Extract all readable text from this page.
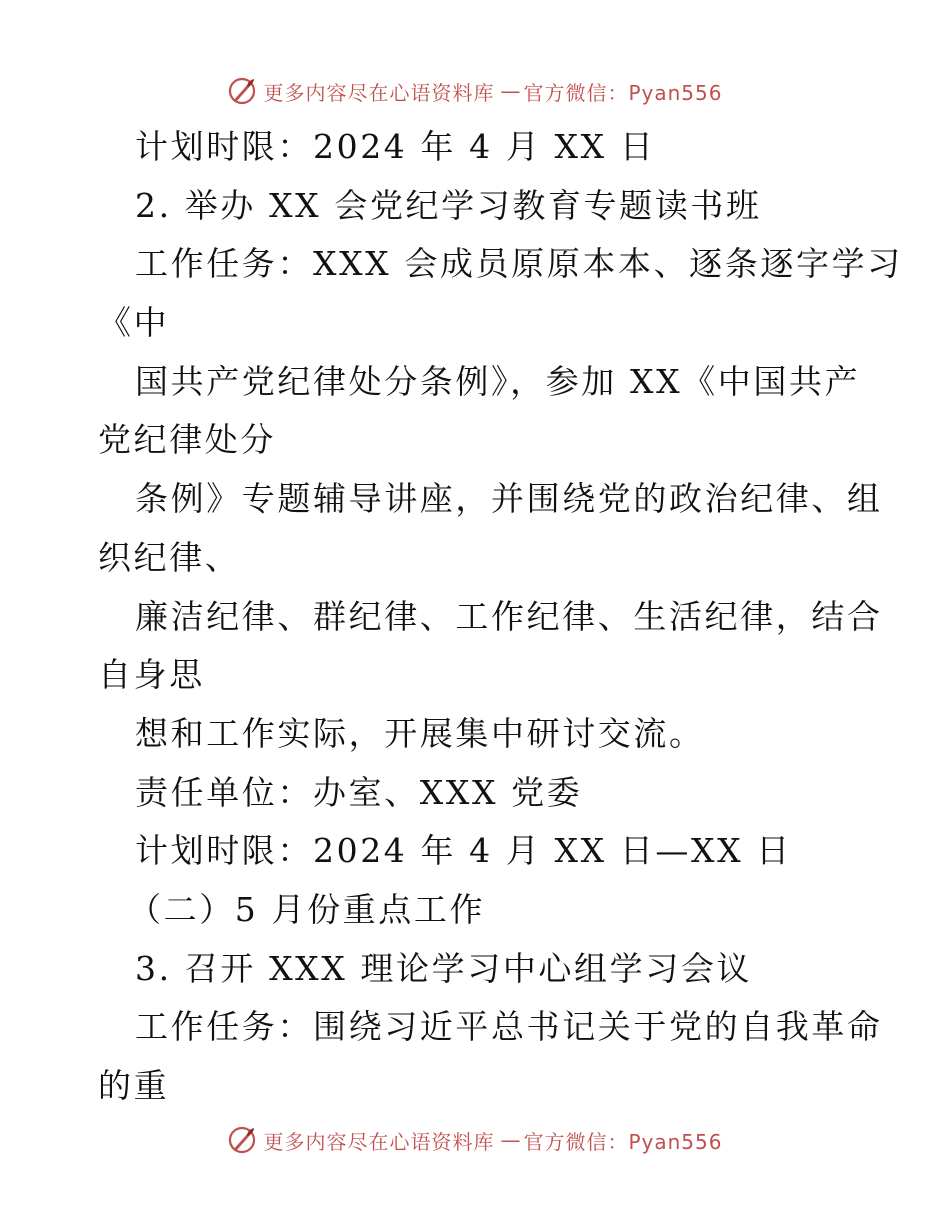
更多内容尽在心语资料库 — 官方微信：Pyan556
计划时限：2024 年 4 月 XX 日
2. 举办 XX 会党纪学习教育专题读书班
工作任务：XXX 会成员原原本本、逐条逐字学习
《中
国共产党纪律处分条例》，参加 XX《中国共产
党纪律处分
条例》专题辅导讲座，并围绕党的政治纪律、组
织纪律、
廉洁纪律、群纪律、工作纪律、生活纪律，结合
自身思
想和工作实际，开展集中研讨交流。
责任单位：办室、XXX 党委
计划时限：2024 年 4 月 XX 日—XX 日
（二）5 月份重点工作
3. 召开 XXX 理论学习中心组学习会议
工作任务：围绕习近平总书记关于党的自我革命
的重
更多内容尽在心语资料库 — 官方微信：Pyan556
